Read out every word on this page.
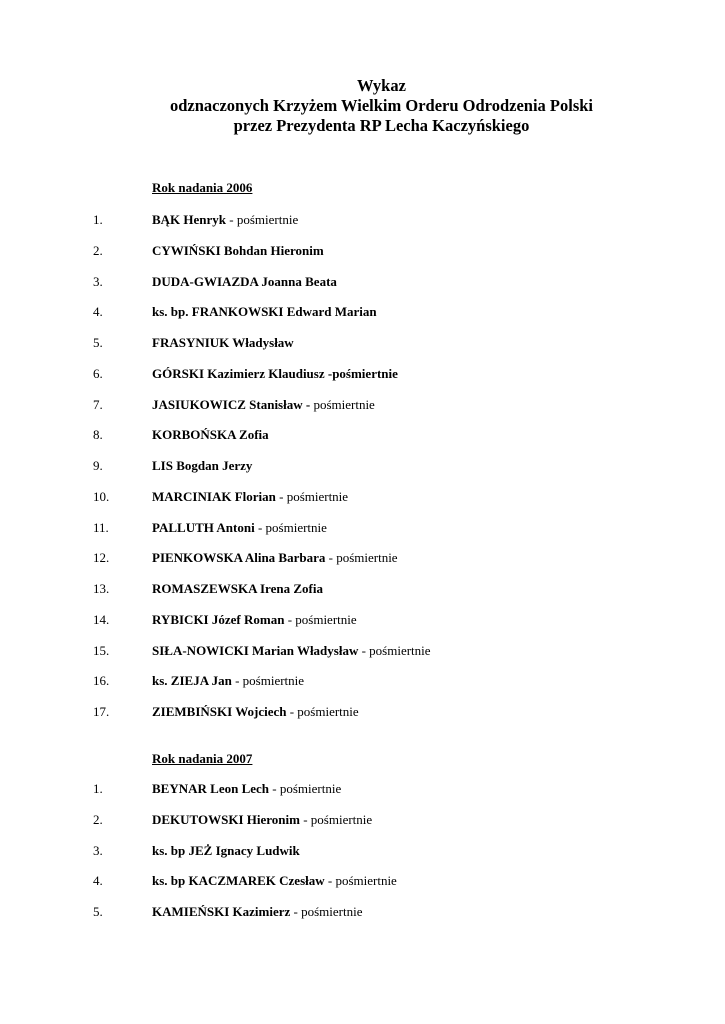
Wykaz
odznaczonych Krzyżem Wielkim Orderu Odrodzenia Polski
przez Prezydenta RP Lecha Kaczyńskiego
Rok nadania 2006
1.	BĄK Henryk - pośmiertnie
2.	CYWIŃSKI Bohdan Hieronim
3.	DUDA-GWIAZDA Joanna Beata
4.	ks. bp. FRANKOWSKI Edward Marian
5.	FRASYNIUK Władysław
6.	GÓRSKI Kazimierz Klaudiusz -pośmiertnie
7.	JASIUKOWICZ Stanisław - pośmiertnie
8.	KORBOŃSKA Zofia
9.	LIS Bogdan Jerzy
10.	MARCINIAK Florian - pośmiertnie
11.	PALLUTH Antoni - pośmiertnie
12.	PIENKOWSKA Alina Barbara - pośmiertnie
13.	ROMASZEWSKA Irena Zofia
14.	RYBICKI Józef Roman - pośmiertnie
15.	SIŁA-NOWICKI Marian Władysław - pośmiertnie
16.	ks. ZIEJA Jan - pośmiertnie
17.	ZIEMBIŃSKI Wojciech - pośmiertnie
Rok nadania 2007
1.	BEYNAR Leon Lech - pośmiertnie
2.	DEKUTOWSKI Hieronim - pośmiertnie
3.	ks. bp JEŻ Ignacy Ludwik
4.	ks. bp KACZMAREK Czesław - pośmiertnie
5.	KAMIEŃSKI Kazimierz - pośmiertnie
